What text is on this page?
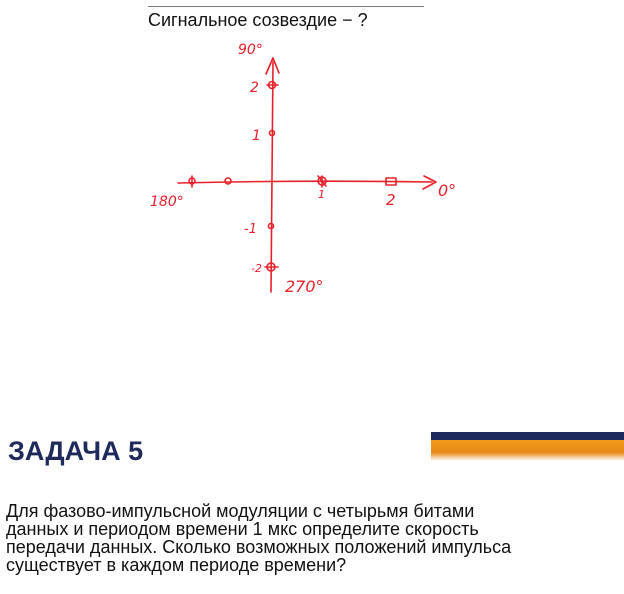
Сигнальное созвездие − ?
90°
0°
180°
270°
2
1
-1
-2
1	2
ЗАДАЧА 5
Для фазово-импульсной модуляции с четырьмя битами
данных и периодом времени 1 мкс определите скорость
передачи данных. Сколько возможных положений импульса
существует в каждом периоде времени?
